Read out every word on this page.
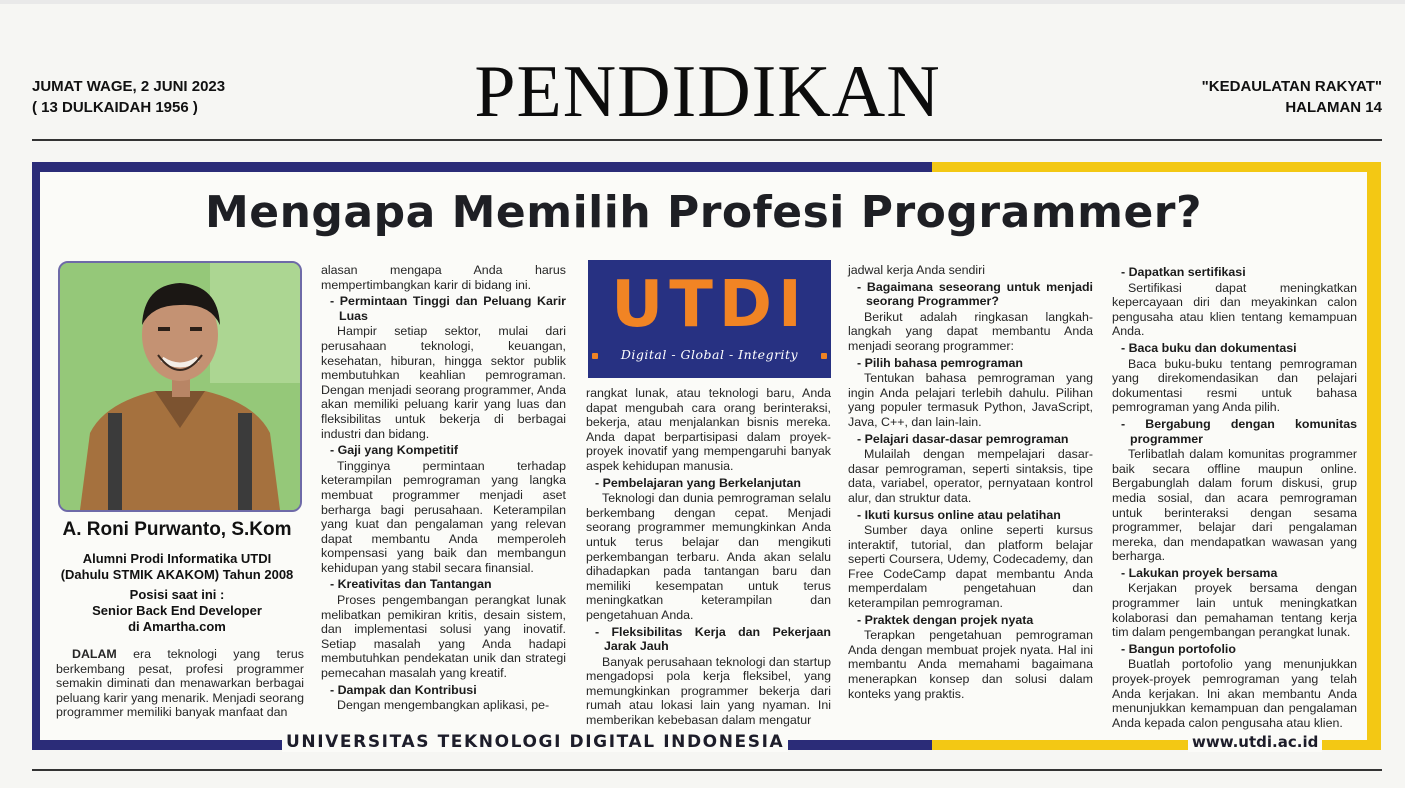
JUMAT WAGE, 2 JUNI 2023
( 13 DULKAIDAH 1956 )	PENDIDIKAN	"KEDAULATAN RAKYAT"
HALAMAN 14
Mengapa Memilih Profesi Programmer?
A. Roni Purwanto, S.Kom
Alumni Prodi Informatika UTDI
(Dahulu STMIK AKAKOM) Tahun 2008
Posisi saat ini :
Senior Back End Developer
di Amartha.com

DALAM era teknologi yang terus berkembang pesat, profesi programmer semakin diminati dan menawarkan berbagai peluang karir yang menarik. Menjadi seorang programmer memiliki banyak manfaat dan

alasan mengapa Anda harus mempertimbangkan karir di bidang ini.

- Permintaan Tinggi dan Peluang Karir Luas

Hampir setiap sektor, mulai dari perusahaan teknologi, keuangan, kesehatan, hiburan, hingga sektor publik membutuhkan keahlian pemrograman. Dengan menjadi seorang programmer, Anda akan memiliki peluang karir yang luas dan fleksibilitas untuk bekerja di berbagai industri dan bidang.

- Gaji yang Kompetitif

Tingginya permintaan terhadap keterampilan pemrograman yang langka membuat programmer menjadi aset berharga bagi perusahaan. Keterampilan yang kuat dan pengalaman yang relevan dapat membantu Anda memperoleh kompensasi yang baik dan membangun kehidupan yang stabil secara finansial.

- Kreativitas dan Tantangan

Proses pengembangan perangkat lunak melibatkan pemikiran kritis, desain sistem, dan implementasi solusi yang inovatif. Setiap masalah yang Anda hadapi membutuhkan pendekatan unik dan strategi pemecahan masalah yang kreatif.

- Dampak dan Kontribusi

Dengan mengembangkan aplikasi, pe-

UTDI
Digital - Global - Integrity

rangkat lunak, atau teknologi baru, Anda dapat mengubah cara orang berinteraksi, bekerja, atau menjalankan bisnis mereka. Anda dapat berpartisipasi dalam proyek-proyek inovatif yang mempengaruhi banyak aspek kehidupan manusia.

- Pembelajaran yang Berkelanjutan

Teknologi dan dunia pemrograman selalu berkembang dengan cepat. Menjadi seorang programmer memungkinkan Anda untuk terus belajar dan mengikuti perkembangan terbaru. Anda akan selalu dihadapkan pada tantangan baru dan memiliki kesempatan untuk terus meningkatkan keterampilan dan pengetahuan Anda.

- Fleksibilitas Kerja dan Pekerjaan Jarak Jauh

Banyak perusahaan teknologi dan startup mengadopsi pola kerja fleksibel, yang memungkinkan programmer bekerja dari rumah atau lokasi lain yang nyaman. Ini memberikan kebebasan dalam mengatur

jadwal kerja Anda sendiri

- Bagaimana seseorang untuk menjadi seorang Programmer?

Berikut adalah ringkasan langkah-langkah yang dapat membantu Anda menjadi seorang programmer:

- Pilih bahasa pemrograman

Tentukan bahasa pemrograman yang ingin Anda pelajari terlebih dahulu. Pilihan yang populer termasuk Python, JavaScript, Java, C++, dan lain-lain.

- Pelajari dasar-dasar pemrograman

Mulailah dengan mempelajari dasar-dasar pemrograman, seperti sintaksis, tipe data, variabel, operator, pernyataan kontrol alur, dan struktur data.

- Ikuti kursus online atau pelatihan

Sumber daya online seperti kursus interaktif, tutorial, dan platform belajar seperti Coursera, Udemy, Codecademy, dan Free CodeCamp dapat membantu Anda memperdalam pengetahuan dan keterampilan pemrograman.

- Praktek dengan projek nyata

Terapkan pengetahuan pemrograman Anda dengan membuat projek nyata. Hal ini membantu Anda memahami bagaimana menerapkan konsep dan solusi dalam konteks yang praktis.

- Dapatkan sertifikasi

Sertifikasi dapat meningkatkan kepercayaan diri dan meyakinkan calon pengusaha atau klien tentang kemampuan Anda.

- Baca buku dan dokumentasi

Baca buku-buku tentang pemrograman yang direkomendasikan dan pelajari dokumentasi resmi untuk bahasa pemrograman yang Anda pilih.

- Bergabung dengan komunitas programmer

Terlibatlah dalam komunitas programmer baik secara offline maupun online. Bergabunglah dalam forum diskusi, grup media sosial, dan acara pemrograman untuk berinteraksi dengan sesama programmer, belajar dari pengalaman mereka, dan mendapatkan wawasan yang berharga.

- Lakukan proyek bersama

Kerjakan proyek bersama dengan programmer lain untuk meningkatkan kolaborasi dan pemahaman tentang kerja tim dalam pengembangan perangkat lunak.

- Bangun portofolio

Buatlah portofolio yang menunjukkan proyek-proyek pemrograman yang telah Anda kerjakan. Ini akan membantu Anda menunjukkan kemampuan dan pengalaman Anda kepada calon pengusaha atau klien.

UNIVERSITAS TEKNOLOGI DIGITAL INDONESIA	www.utdi.ac.id
